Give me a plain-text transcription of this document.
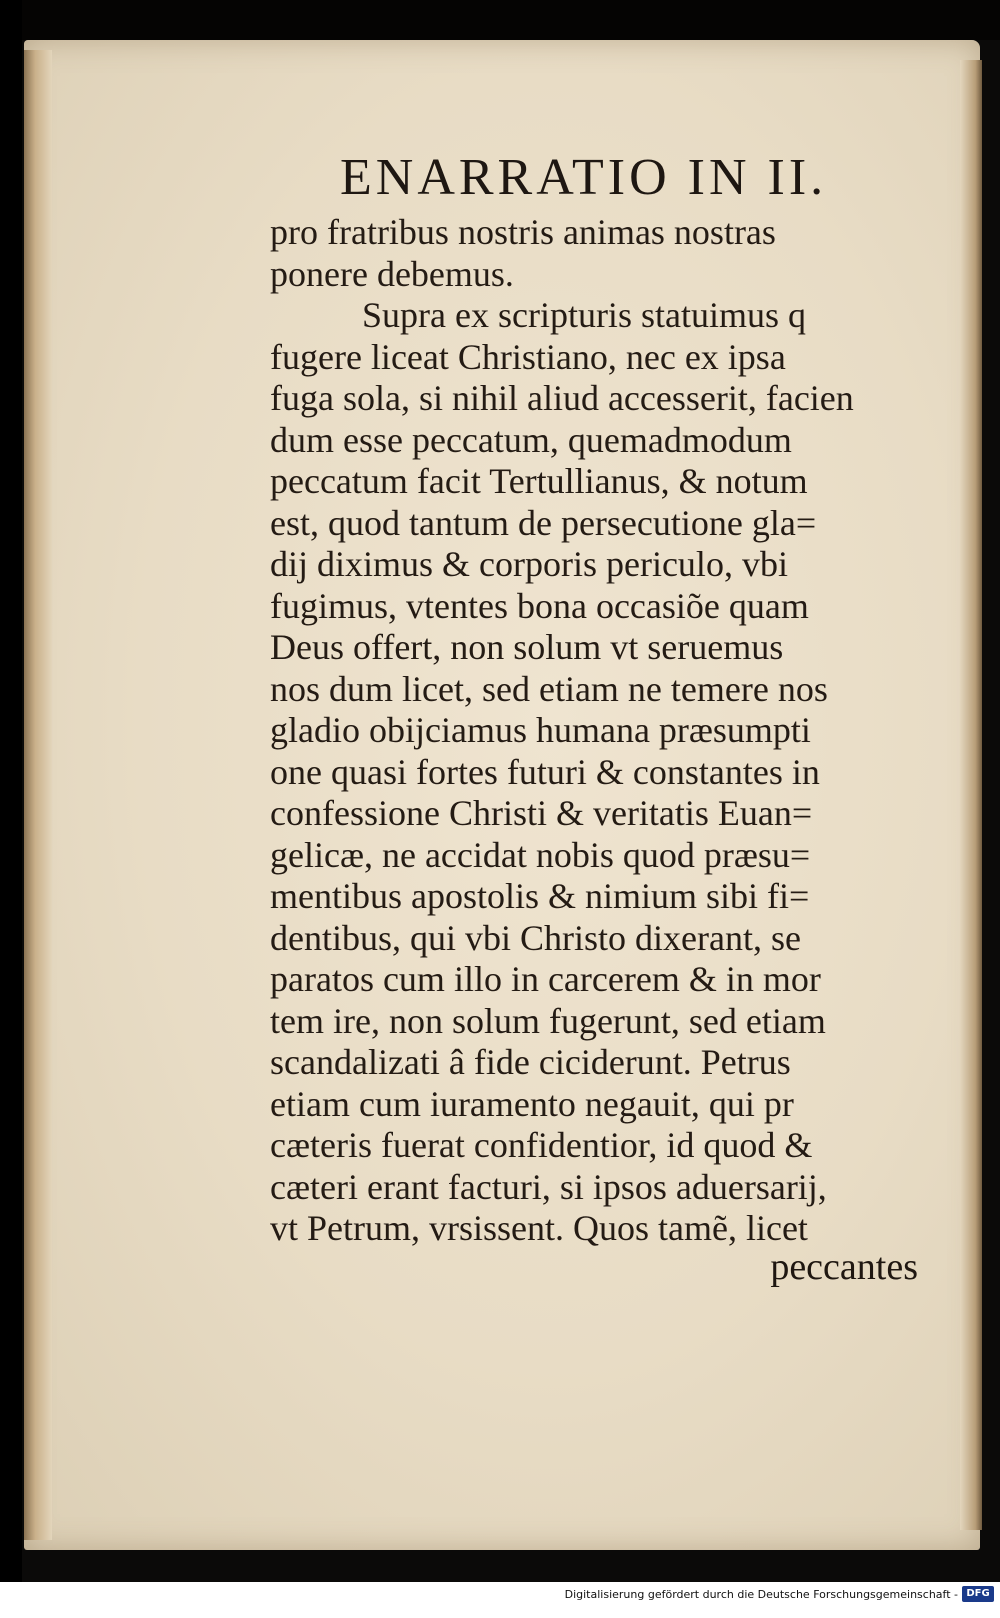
ENARRATIO IN II.
pro fratribus nostris animas nostras
ponere debemus.
Supra ex scripturis statuimus q
fugere liceat Christiano, nec ex ipsa
fuga sola, si nihil aliud accesserit, facien
dum esse peccatum, quemadmodum
peccatum facit Tertullianus, & notum
est, quod tantum de persecutione gla=
dij diximus & corporis periculo, vbi
fugimus, vtentes bona occasiõe quam
Deus offert, non solum vt seruemus
nos dum licet, sed etiam ne temere nos
gladio obijciamus humana præsumpti
one quasi fortes futuri & constantes in
confessione Christi & veritatis Euan=
gelicæ, ne accidat nobis quod præsu=
mentibus apostolis & nimium sibi fi=
dentibus, qui vbi Christo dixerant, se
paratos cum illo in carcerem & in mor
tem ire, non solum fugerunt, sed etiam
scandalizati â fide ciciderunt. Petrus
etiam cum iuramento negauit, qui pr
cæteris fuerat confidentior, id quod &
cæteri erant facturi, si ipsos aduersarij,
vt Petrum, vrsissent. Quos tamẽ, licet
peccantes
Digitalisierung gefördert durch die Deutsche Forschungsgemeinschaft - DFG
